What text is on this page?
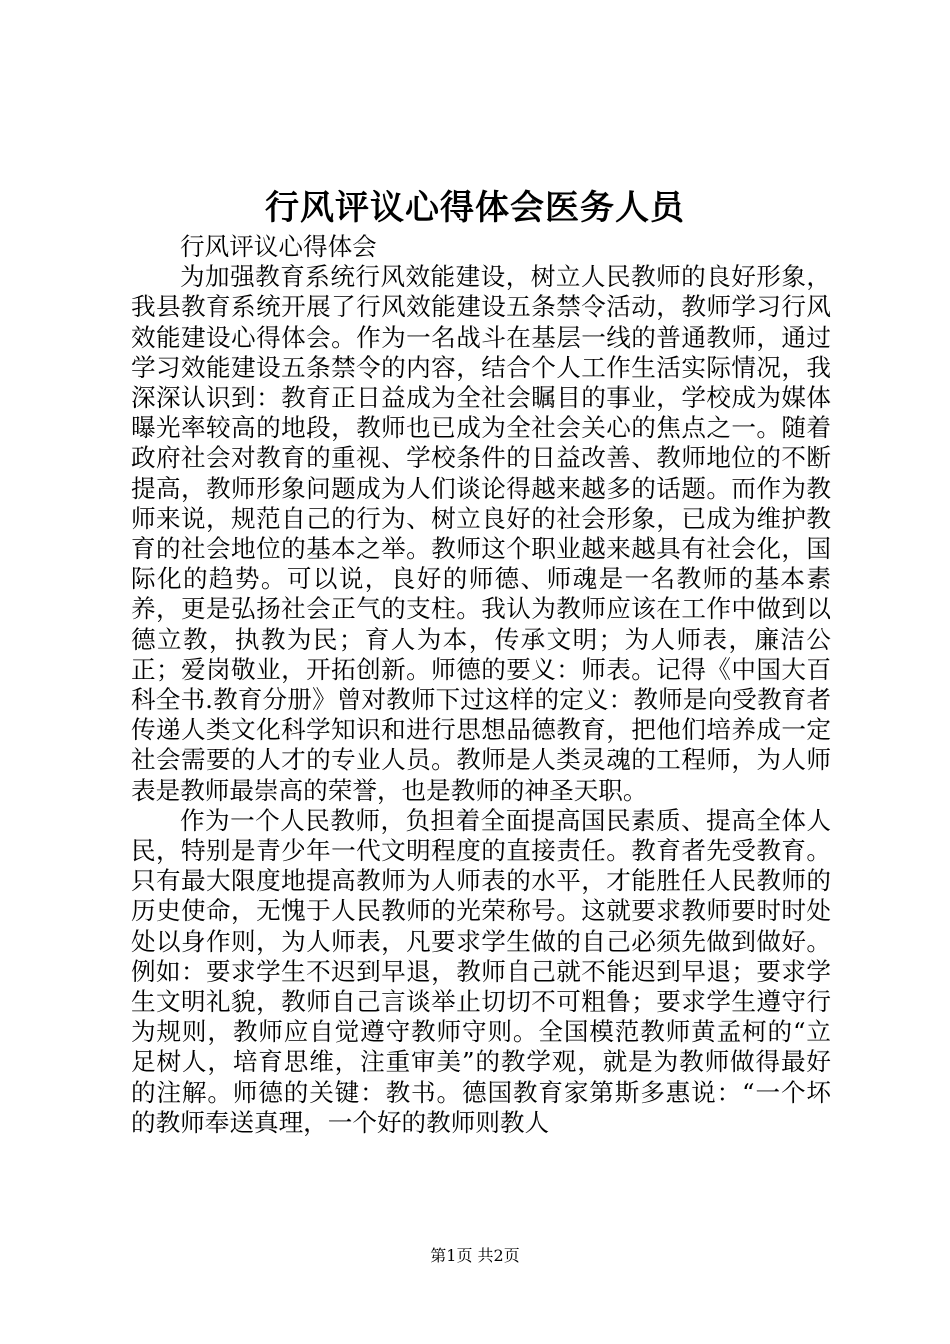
行风评议心得体会医务人员

行风评议心得体会

为加强教育系统行风效能建设，树立人民教师的良好形象，我县教育系统开展了行风效能建设五条禁令活动，教师学习行风效能建设心得体会。作为一名战斗在基层一线的普通教师，通过学习效能建设五条禁令的内容，结合个人工作生活实际情况，我深深认识到：教育正日益成为全社会瞩目的事业，学校成为媒体曝光率较高的地段，教师也已成为全社会关心的焦点之一。随着政府社会对教育的重视、学校条件的日益改善、教师地位的不断提高，教师形象问题成为人们谈论得越来越多的话题。而作为教师来说，规范自己的行为、树立良好的社会形象，已成为维护教育的社会地位的基本之举。教师这个职业越来越具有社会化，国际化的趋势。可以说，良好的师德、师魂是一名教师的基本素养，更是弘扬社会正气的支柱。我认为教师应该在工作中做到以德立教，执教为民；育人为本，传承文明；为人师表，廉洁公正；爱岗敬业，开拓创新。师德的要义：师表。记得《中国大百科全书.教育分册》曾对教师下过这样的定义：教师是向受教育者传递人类文化科学知识和进行思想品德教育，把他们培养成一定社会需要的人才的专业人员。教师是人类灵魂的工程师，为人师表是教师最崇高的荣誉，也是教师的神圣天职。

作为一个人民教师，负担着全面提高国民素质、提高全体人民，特别是青少年一代文明程度的直接责任。教育者先受教育。只有最大限度地提高教师为人师表的水平，才能胜任人民教师的历史使命，无愧于人民教师的光荣称号。这就要求教师要时时处处以身作则，为人师表，凡要求学生做的自己必须先做到做好。例如：要求学生不迟到早退，教师自己就不能迟到早退；要求学生文明礼貌，教师自己言谈举止切切不可粗鲁；要求学生遵守行为规则，教师应自觉遵守教师守则。全国模范教师黄孟柯的“立足树人，培育思维，注重审美”的教学观，就是为教师做得最好的注解。师德的关键：教书。德国教育家第斯多惠说：“一个坏的教师奉送真理，一个好的教师则教人

第1页 共2页
